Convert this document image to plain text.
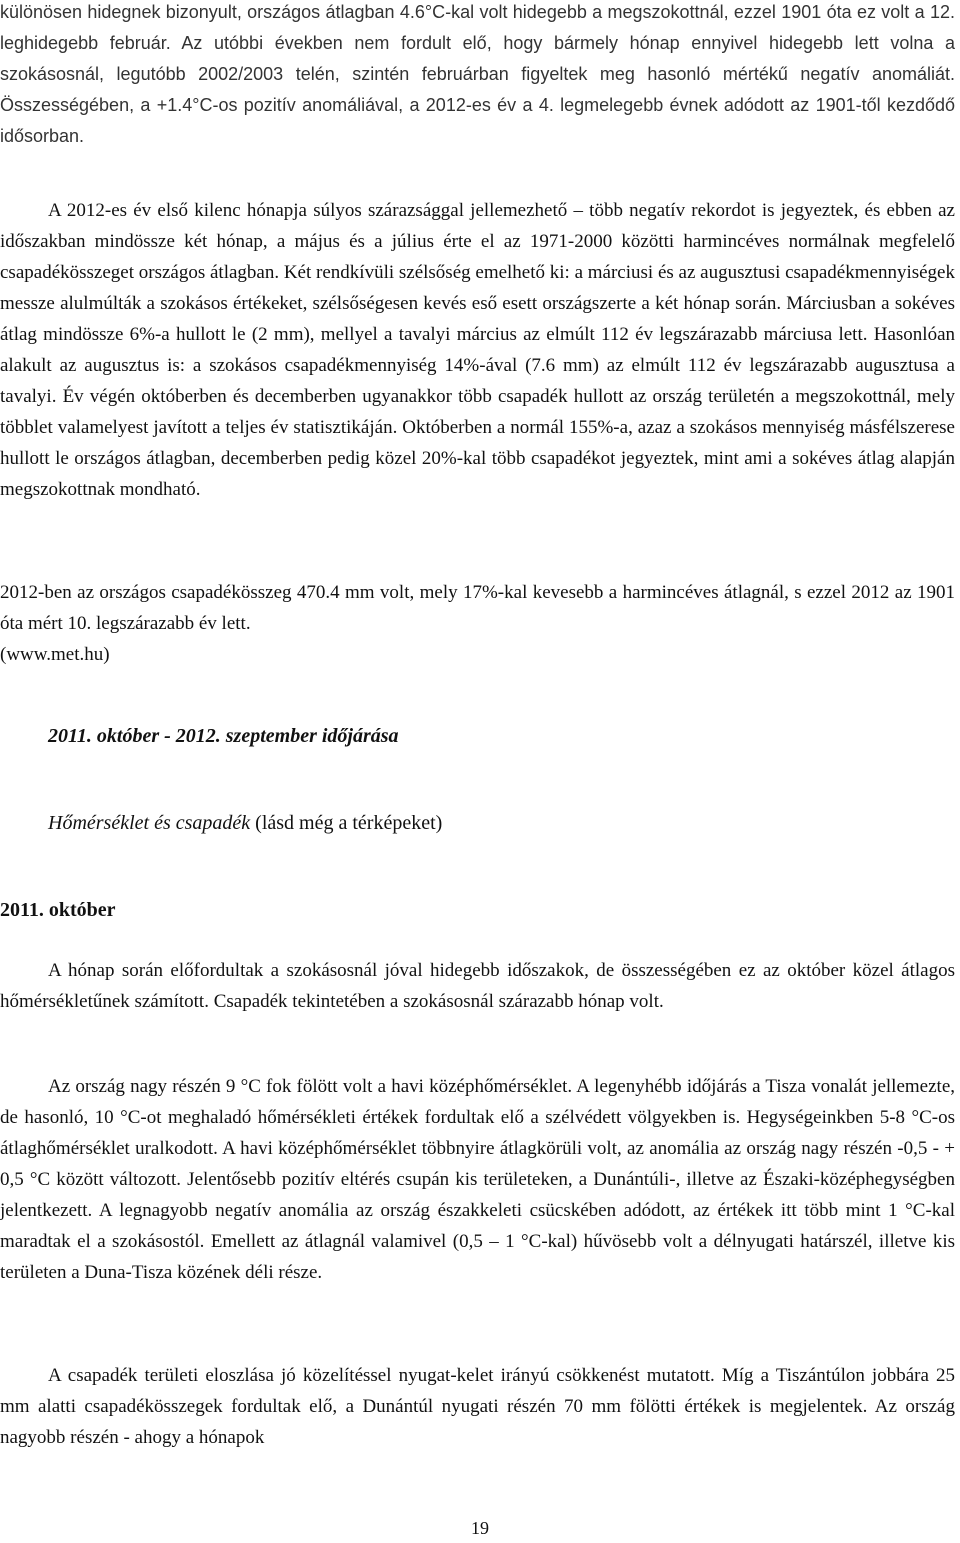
különösen hidegnek bizonyult, országos átlagban 4.6°C-kal volt hidegebb a megszokottnál, ezzel 1901 óta ez volt a 12. leghidegebb február. Az utóbbi években nem fordult elő, hogy bármely hónap ennyivel hidegebb lett volna a szokásosnál, legutóbb 2002/2003 telén, szintén februárban figyeltek meg hasonló mértékű negatív anomáliát. Összességében, a +1.4°C-os pozitív anomáliával, a 2012-es év a 4. legmelegebb évnek adódott az 1901-től kezdődő idősorban.

A 2012-es év első kilenc hónapja súlyos szárazsággal jellemezhető – több negatív rekordot is jegyeztek, és ebben az időszakban mindössze két hónap, a május és a július érte el az 1971-2000 közötti harmincéves normálnak megfelelő csapadékösszeget országos átlagban. Két rendkívüli szélsőség emelhető ki: a márciusi és az augusztusi csapadékmennyiségek messze alulmúlták a szokásos értékeket, szélsőségesen kevés eső esett országszerte a két hónap során. Márciusban a sokéves átlag mindössze 6%-a hullott le (2 mm), mellyel a tavalyi március az elmúlt 112 év legszárazabb márciusa lett. Hasonlóan alakult az augusztus is: a szokásos csapadékmennyiség 14%-ával (7.6 mm) az elmúlt 112 év legszárazabb augusztusa a tavalyi. Év végén októberben és decemberben ugyanakkor több csapadék hullott az ország területén a megszokottnál, mely többlet valamelyest javított a teljes év statisztikáján. Októberben a normál 155%-a, azaz a szokásos mennyiség másfélszerese hullott le országos átlagban, decemberben pedig közel 20%-kal több csapadékot jegyeztek, mint ami a sokéves átlag alapján megszokottnak mondható.

2012-ben az országos csapadékösszeg 470.4 mm volt, mely 17%-kal kevesebb a harmincéves átlagnál, s ezzel 2012 az 1901 óta mért 10. legszárazabb év lett.

(www.met.hu)

2011. október - 2012. szeptember időjárása

Hőmérséklet és csapadék (lásd még a térképeket)

2011. október

A hónap során előfordultak a szokásosnál jóval hidegebb időszakok, de összességében ez az október közel átlagos hőmérsékletűnek számított. Csapadék tekintetében a szokásosnál szárazabb hónap volt.

Az ország nagy részén 9 °C fok fölött volt a havi középhőmérséklet. A legenyhébb időjárás a Tisza vonalát jellemezte, de hasonló, 10 °C-ot meghaladó hőmérsékleti értékek fordultak elő a szélvédett völgyekben is. Hegységeinkben 5-8 °C-os átlaghőmérséklet uralkodott. A havi középhőmérséklet többnyire átlagkörüli volt, az anomália az ország nagy részén -0,5 - + 0,5 °C között változott. Jelentősebb pozitív eltérés csupán kis területeken, a Dunántúli-, illetve az Északi-középhegységben jelentkezett. A legnagyobb negatív anomália az ország északkeleti csücskében adódott, az értékek itt több mint 1 °C-kal maradtak el a szokásostól. Emellett az átlagnál valamivel (0,5 – 1 °C-kal) hűvösebb volt a délnyugati határszél, illetve kis területen a Duna-Tisza közének déli része.

A csapadék területi eloszlása jó közelítéssel nyugat-kelet irányú csökkenést mutatott. Míg a Tiszántúlon jobbára 25 mm alatti csapadékösszegek fordultak elő, a Dunántúl nyugati részén 70 mm fölötti értékek is megjelentek. Az ország nagyobb részén - ahogy a hónapok

19
